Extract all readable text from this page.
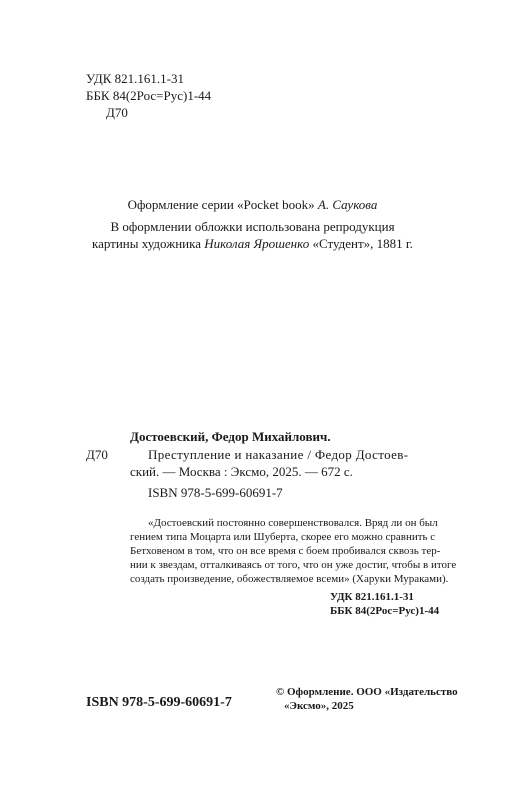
УДК 821.161.1-31
ББК 84(2Рос=Рус)1-44
Д70
Оформление серии «Pocket book» А. Саукова
В оформлении обложки использована репродукция
картины художника Николая Ярошенко «Студент», 1881 г.
Д70
Достоевский, Федор Михайлович.
Преступление и наказание / Федор Достоев-
ский. — Москва : Эксмо, 2025. — 672 с.
ISBN 978-5-699-60691-7
«Достоевский постоянно совершенствовался. Вряд ли он был
гением типа Моцарта или Шуберта, скорее его можно сравнить с
Бетховеном в том, что он все время с боем пробивался сквозь тер-
нии к звездам, отталкиваясь от того, что он уже достиг, чтобы в итоге
создать произведение, обожествляемое всеми» (Харуки Мураками).
УДК 821.161.1-31
ББК 84(2Рос=Рус)1-44
ISBN 978-5-699-60691-7
© Оформление. ООО «Издательство
«Эксмо», 2025
